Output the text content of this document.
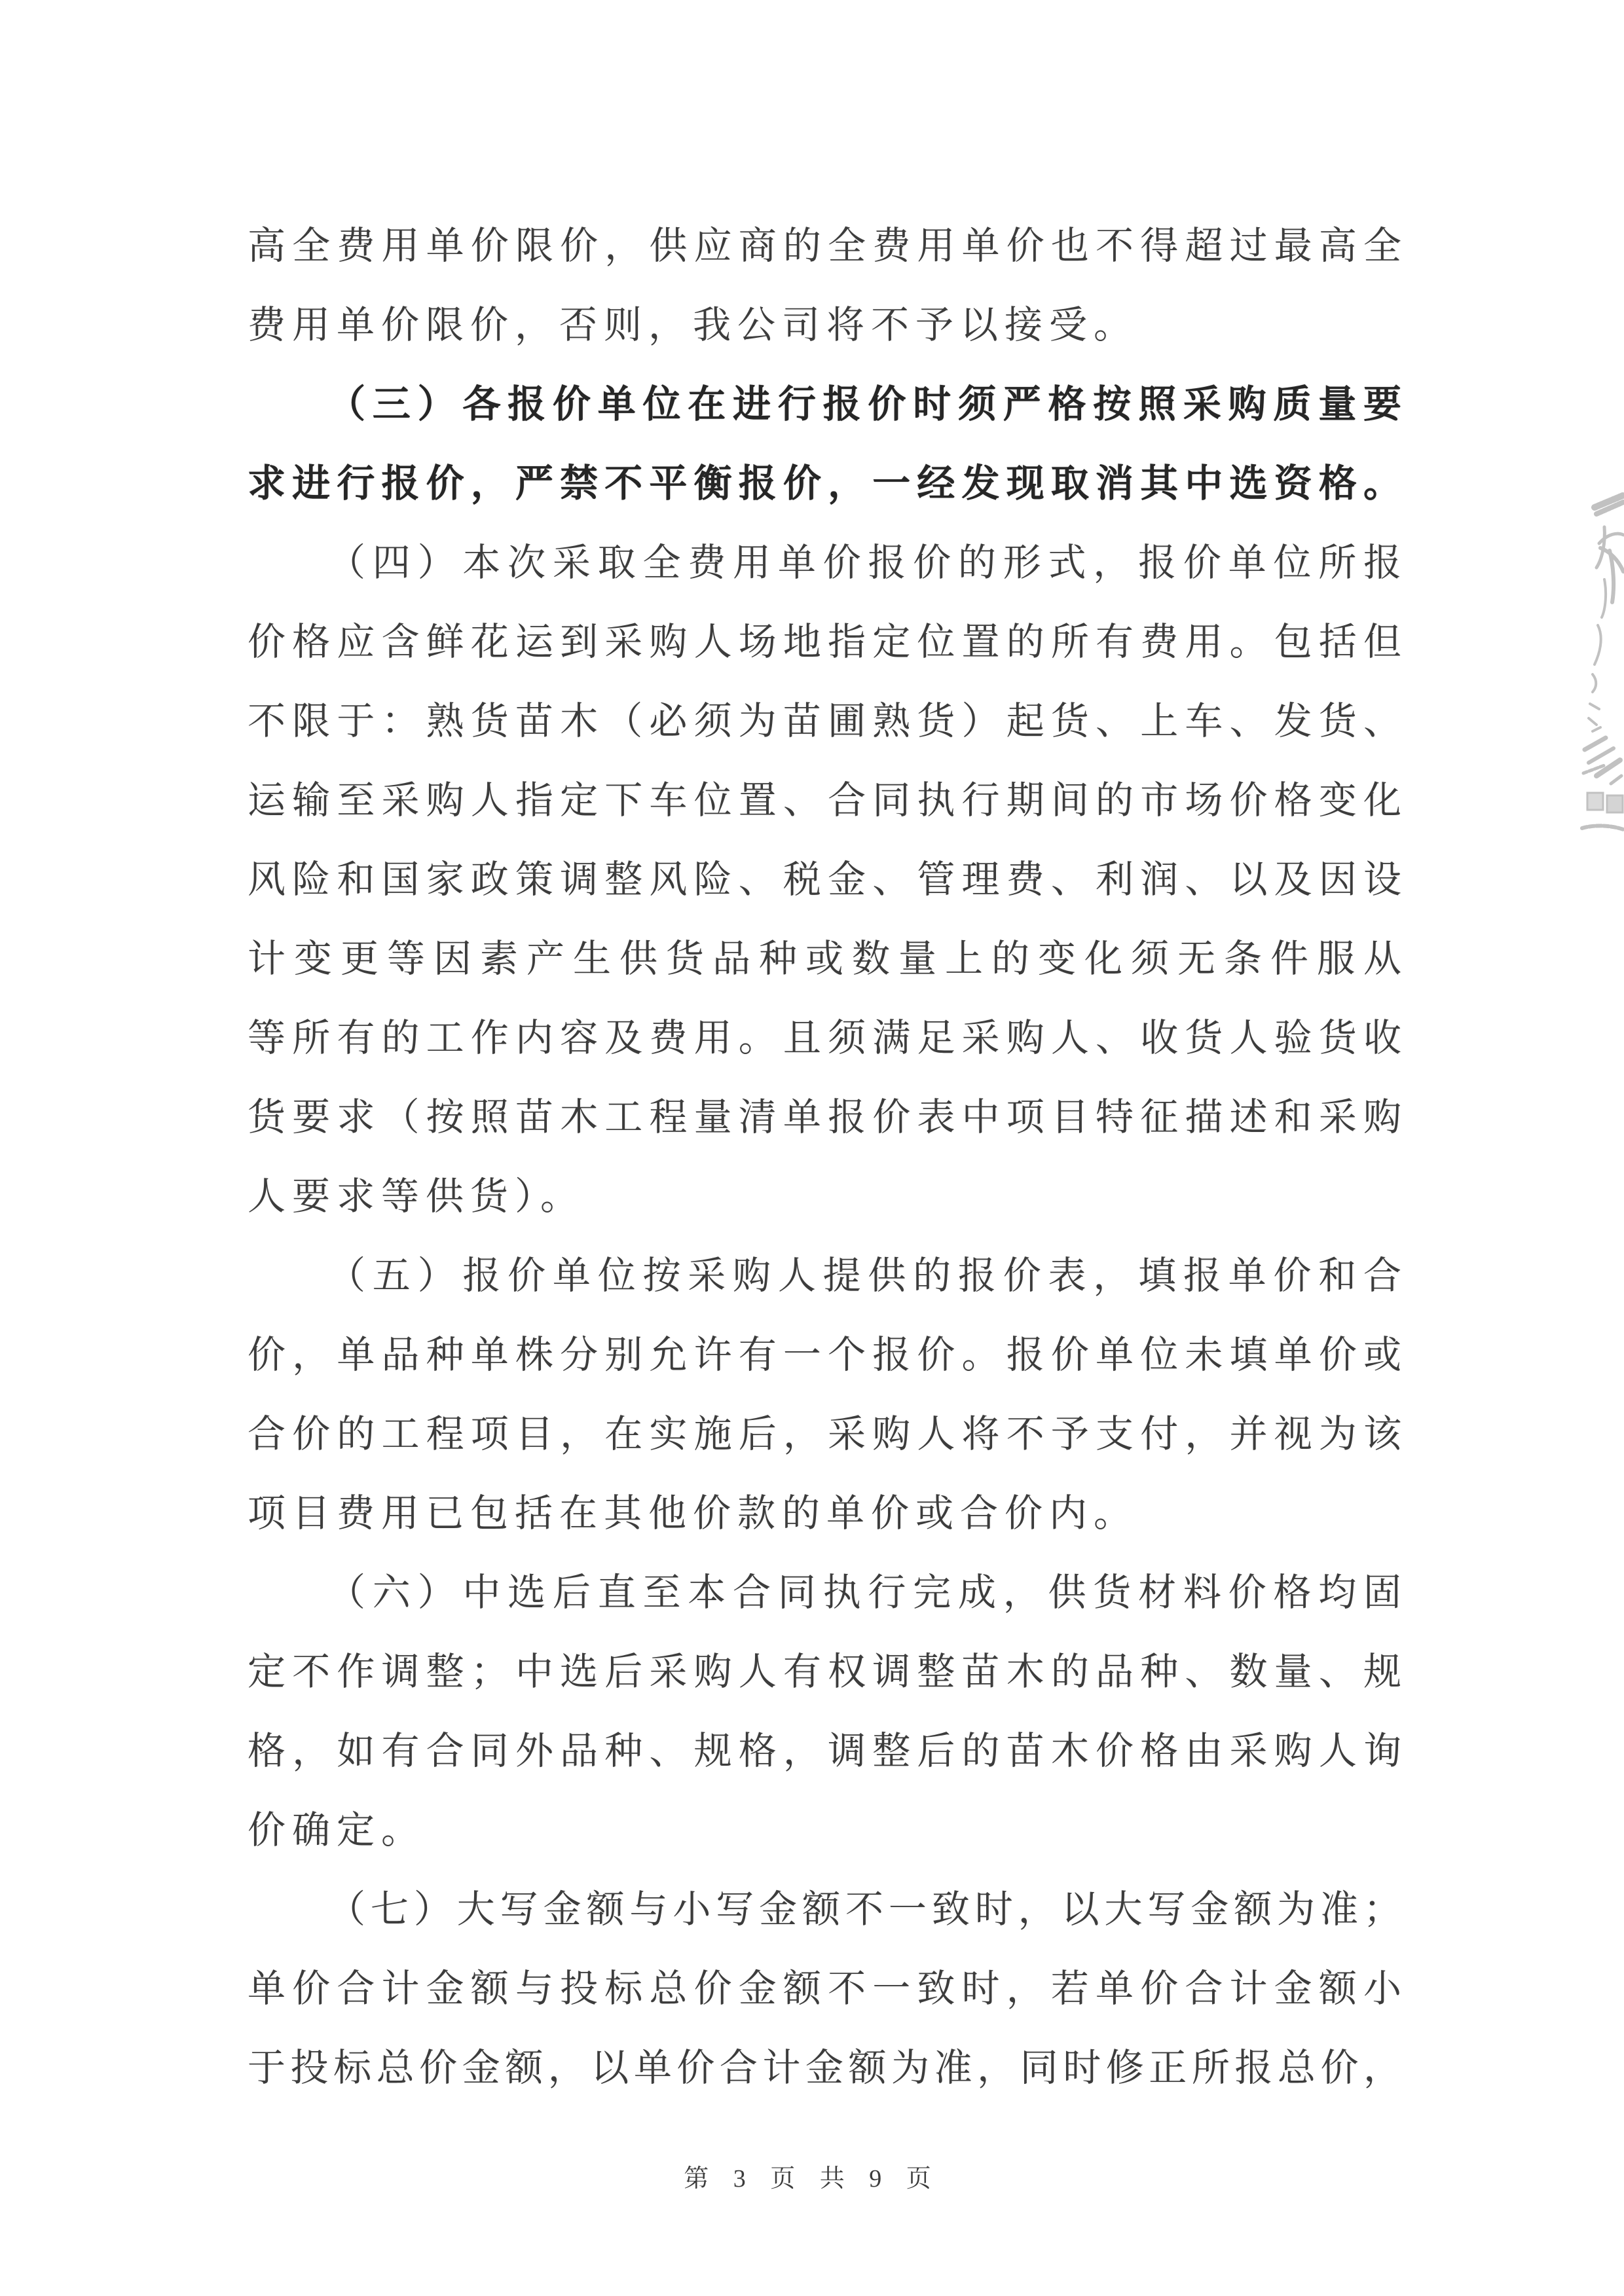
高全费用单价限价，供应商的全费用单价也不得超过最高全
费用单价限价，否则，我公司将不予以接受。
（三）各报价单位在进行报价时须严格按照采购质量要
求进行报价，严禁不平衡报价，一经发现取消其中选资格。
（四）本次采取全费用单价报价的形式，报价单位所报
价格应含鲜花运到采购人场地指定位置的所有费用。包括但
不限于：熟货苗木（必须为苗圃熟货）起货、上车、发货、
运输至采购人指定下车位置、合同执行期间的市场价格变化
风险和国家政策调整风险、税金、管理费、利润、以及因设
计变更等因素产生供货品种或数量上的变化须无条件服从
等所有的工作内容及费用。且须满足采购人、收货人验货收
货要求（按照苗木工程量清单报价表中项目特征描述和采购
人要求等供货）。
（五）报价单位按采购人提供的报价表，填报单价和合
价，单品种单株分别允许有一个报价。报价单位未填单价或
合价的工程项目，在实施后，采购人将不予支付，并视为该
项目费用已包括在其他价款的单价或合价内。
（六）中选后直至本合同执行完成，供货材料价格均固
定不作调整；中选后采购人有权调整苗木的品种、数量、规
格，如有合同外品种、规格，调整后的苗木价格由采购人询
价确定。
（七）大写金额与小写金额不一致时，以大写金额为准；
单价合计金额与投标总价金额不一致时，若单价合计金额小
于投标总价金额，以单价合计金额为准，同时修正所报总价，
第 3 页 共 9 页
